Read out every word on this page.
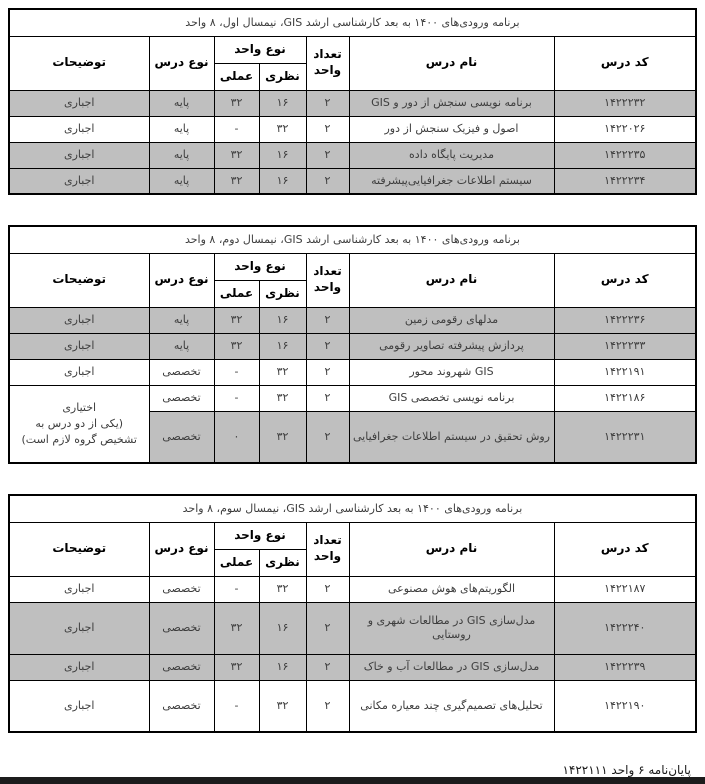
برنامه ورودی‌های ۱۴۰۰ به بعد کارشناسی ارشد GIS، نیمسال اول، ۸ واحد						
کد درس	نام درس	تعداد
واحد	نوع واحد		نوع درس	توضیحات
			نظری	عملی		
۱۴۲۲۲۳۲	برنامه نویسی سنجش از دور و GIS	۲	۱۶	۳۲	پایه	اجباری
۱۴۲۲۰۲۶	اصول و فیزیک سنجش از دور	۲	۳۲	-	پایه	اجباری
۱۴۲۲۲۳۵	مدیریت پایگاه داده	۲	۱۶	۳۲	پایه	اجباری
۱۴۲۲۲۳۴	سیستم اطلاعات جغرافیایی‌پیشرفته	۲	۱۶	۳۲	پایه	اجباری
برنامه ورودی‌های ۱۴۰۰ به بعد کارشناسی ارشد GIS، نیمسال دوم، ۸ واحد						
کد درس	نام درس	تعداد
واحد	نوع واحد		نوع درس	توضیحات
			نظری	عملی		
۱۴۲۲۲۳۶	مدلهای رقومی زمین	۲	۱۶	۳۲	پایه	اجباری
۱۴۲۲۲۳۳	پردازش پیشرفته تصاویر رقومی	۲	۱۶	۳۲	پایه	اجباری
۱۴۲۲۱۹۱	GIS شهروند محور	۲	۳۲	-	تخصصی	اجباری
۱۴۲۲۱۸۶	برنامه نویسی تخصصی GIS	۲	۳۲	-	تخصصی	اختیاری
(یکی از دو درس به
تشخیص گروه لازم است)

۱۴۲۲۲۳۱	روش تحقیق در سیستم اطلاعات جغرافیایی	۲	۳۲	۰	تخصصی	
برنامه ورودی‌های ۱۴۰۰ به بعد کارشناسی ارشد GIS، نیمسال سوم، ۸ واحد						
کد درس	نام درس	تعداد
واحد	نوع واحد		نوع درس	توضیحات
			نظری	عملی		
۱۴۲۲۱۸۷	الگوریتم‌های هوش مصنوعی	۲	۳۲	-	تخصصی	اجباری
۱۴۲۲۲۴۰	مدل‌سازی GIS در مطالعات شهری و روستایی	۲	۱۶	۳۲	تخصصی	اجباری
۱۴۲۲۲۳۹	مدل‌سازی GIS در مطالعات آب و خاک	۲	۱۶	۳۲	تخصصی	اجباری
۱۴۲۲۱۹۰	تحلیل‌های تصمیم‌گیری چند معیاره مکانی	۲	۳۲	-	تخصصی	اجباری
پایان‌نامه ۶ واحد ۱۴۲۲۱۱۱
